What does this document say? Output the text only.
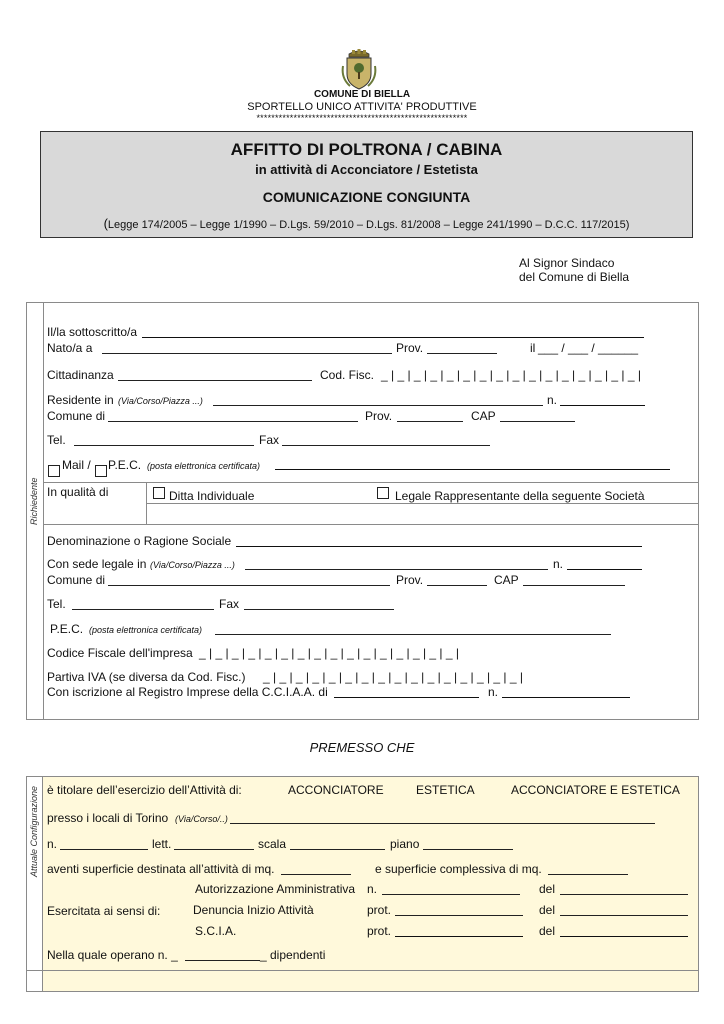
COMUNE DI BIELLA
SPORTELLO UNICO ATTIVITA' PRODUTTIVE
*********************************************************
AFFITTO DI POLTRONA / CABINA
in attività di Acconciatore / Estetista
COMUNICAZIONE CONGIUNTA
(Legge 174/2005 – Legge 1/1990 – D.Lgs. 59/2010 – D.Lgs. 81/2008 – Legge 241/1990 – D.C.C. 117/2015)
Al Signor Sindaco
del Comune di Biella
Richiedente
Il/la sottoscritto/a
Nato/a a	Prov.	il ___ / ___ / ______
Cittadinanza	Cod. Fisc. _ | _ | _ | _ | _ | _ | _ | _ | _ | _ | _ | _ | _ | _ | _ | _ |
Residente in (Via/Corso/Piazza ...)	n.
Comune di	Prov.	CAP
Tel.	Fax
Mail / P.E.C. (posta elettronica certificata)
In qualità di	Ditta Individuale	Legale Rappresentante della seguente Società
Denominazione o Ragione Sociale
Con sede legale in (Via/Corso/Piazza ...)	n.
Comune di	Prov.	CAP
Tel.	Fax
P.E.C. (posta elettronica certificata)
Codice Fiscale dell'impresa _ | _ | _ | _ | _ | _ | _ | _ | _ | _ | _ | _ | _ | _ | _ | _ |
Partiva IVA (se diversa da Cod. Fisc.) _ | _ | _ | _ | _ | _ | _ | _ | _ | _ | _ | _ | _ | _ | _ | _ |
Con iscrizione al Registro Imprese della C.C.I.A.A. di	n.
PREMESSO CHE
Attuale Configurazione è titolare dell’esercizio dell’Attività di:	ACCONCIATORE	ESTETICA	ACCONCIATORE E ESTETICA
presso i locali di Torino (Via/Corso/..)
n.	lett.	scala	piano
aventi superficie destinata all’attività di mq.	e superficie complessiva di mq.
Autorizzazione Amministrativa n.	del
Esercitata ai sensi di:	Denuncia Inizio Attività	prot.	del
S.C.I.A.	prot.	del
Nella quale operano n. _	_ dipendenti
